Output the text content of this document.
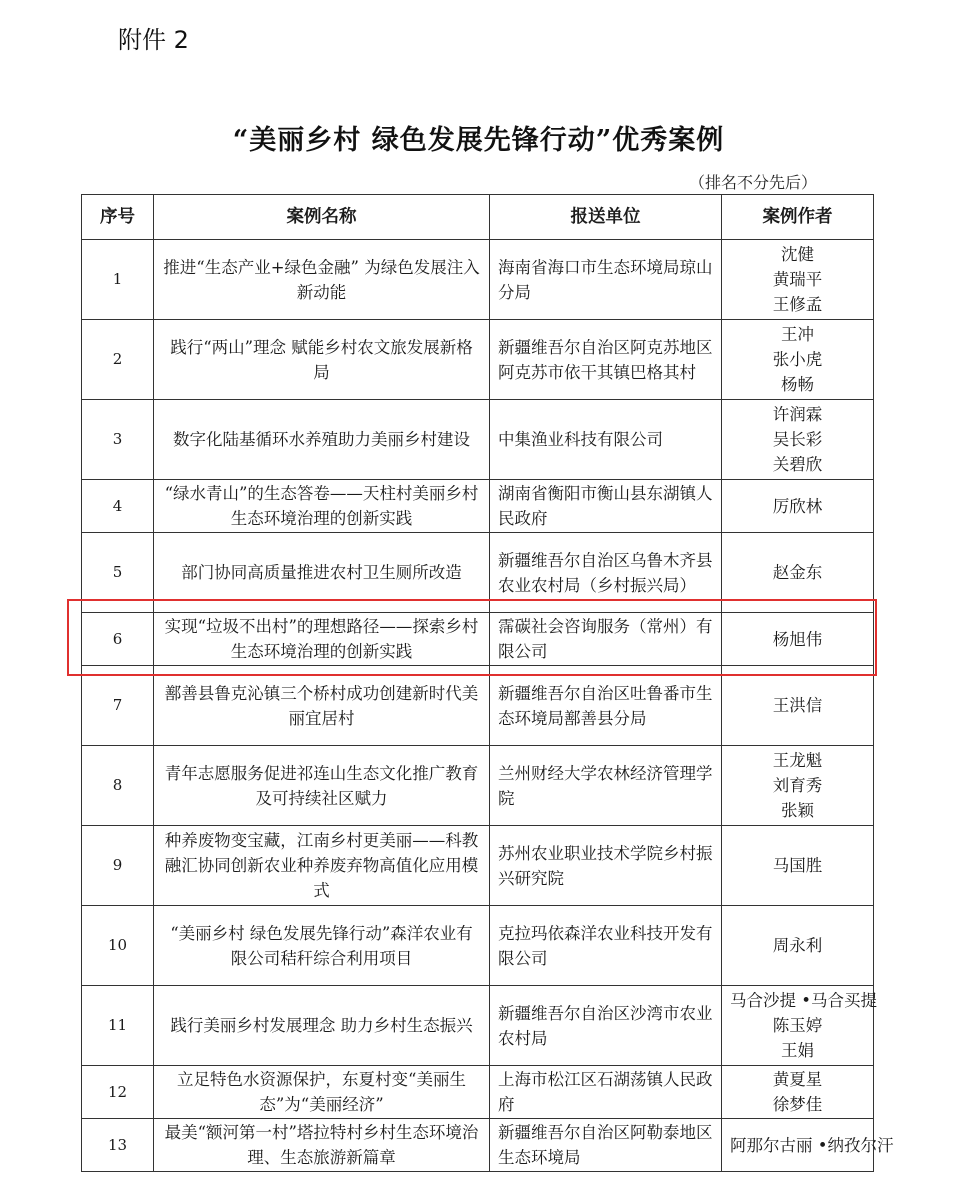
附件 2
“美丽乡村 绿色发展先锋行动”优秀案例
（排名不分先后）
序号	案例名称	报送单位	案例作者
1	推进“生态产业+绿色金融” 为绿色发展注入新动能	海南省海口市生态环境局琼山分局	沈健
黄瑞平
王修孟

2	践行“两山”理念 赋能乡村农文旅发展新格局	新疆维吾尔自治区阿克苏地区阿克苏市依干其镇巴格其村	王冲
张小虎
杨畅

3	数字化陆基循环水养殖助力美丽乡村建设	中集渔业科技有限公司	许润霖
吴长彩
关碧欣

4	“绿水青山”的生态答卷——天柱村美丽乡村生态环境治理的创新实践	湖南省衡阳市衡山县东湖镇人民政府	厉欣林

5	部门协同高质量推进农村卫生厕所改造	新疆维吾尔自治区乌鲁木齐县农业农村局（乡村振兴局）	赵金东

6	实现“垃圾不出村”的理想路径——探索乡村生态环境治理的创新实践	霈碳社会咨询服务（常州）有限公司	杨旭伟

7	鄯善县鲁克沁镇三个桥村成功创建新时代美丽宜居村	新疆维吾尔自治区吐鲁番市生态环境局鄯善县分局	王洪信

8	青年志愿服务促进祁连山生态文化推广教育及可持续社区赋力	兰州财经大学农林经济管理学院	王龙魁
刘育秀
张颖

9	种养废物变宝藏，江南乡村更美丽——科教融汇协同创新农业种养废弃物高值化应用模式	苏州农业职业技术学院乡村振兴研究院	马国胜

10	“美丽乡村 绿色发展先锋行动”森洋农业有限公司秸秆综合利用项目	克拉玛依森洋农业科技开发有限公司	周永利

11	践行美丽乡村发展理念 助力乡村生态振兴	新疆维吾尔自治区沙湾市农业农村局	马合沙提 •马合买提
陈玉婷
王娟

12	立足特色水资源保护，东夏村变“美丽生态”为“美丽经济”	上海市松江区石湖荡镇人民政府	黄夏星
徐梦佳

13	最美“额河第一村”塔拉特村乡村生态环境治理、生态旅游新篇章	新疆维吾尔自治区阿勒泰地区生态环境局	阿那尔古丽 •纳孜尔汗
